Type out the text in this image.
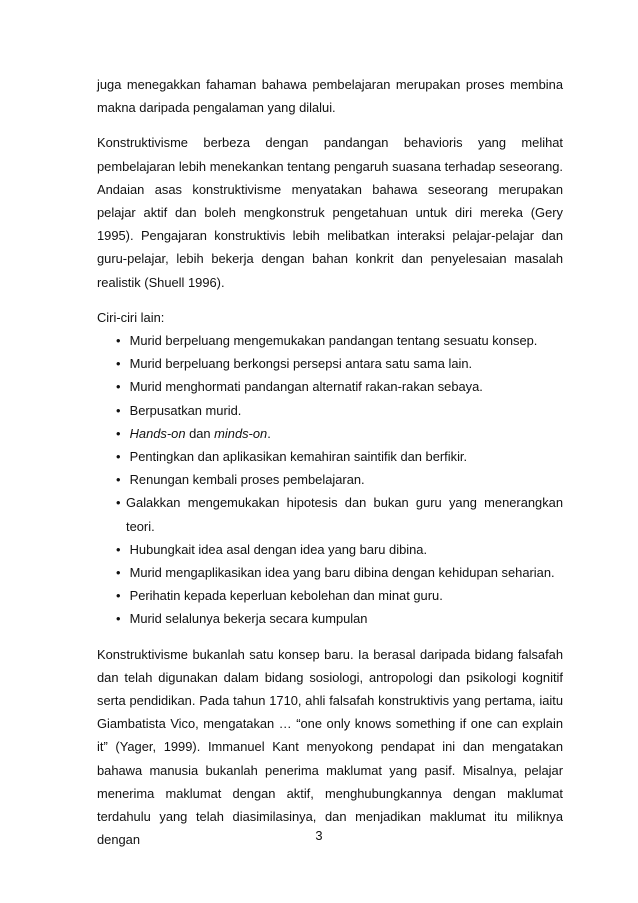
juga menegakkan fahaman bahawa pembelajaran merupakan proses membina makna daripada pengalaman yang dilalui.

Konstruktivisme berbeza dengan pandangan behavioris yang melihat pembelajaran lebih menekankan tentang pengaruh suasana terhadap seseorang. Andaian asas konstruktivisme menyatakan bahawa seseorang merupakan pelajar aktif dan boleh mengkonstruk pengetahuan untuk diri mereka (Gery 1995). Pengajaran konstruktivis lebih melibatkan interaksi pelajar-pelajar dan guru-pelajar, lebih bekerja dengan bahan konkrit dan penyelesaian masalah realistik (Shuell 1996).

Ciri-ciri lain:

• Murid berpeluang mengemukakan pandangan tentang sesuatu konsep.
• Murid berpeluang berkongsi persepsi antara satu sama lain.
• Murid menghormati pandangan alternatif rakan-rakan sebaya.
• Berpusatkan murid.
• Hands-on dan minds-on.
• Pentingkan dan aplikasikan kemahiran saintifik dan berfikir.
• Renungan kembali proses pembelajaran.
• Galakkan mengemukakan hipotesis dan bukan guru yang menerangkan teori.
• Hubungkait idea asal dengan idea yang baru dibina.
• Murid mengaplikasikan idea yang baru dibina dengan kehidupan seharian.
• Perihatin kepada keperluan kebolehan dan minat guru.
• Murid selalunya bekerja secara kumpulan

Konstruktivisme bukanlah satu konsep baru. Ia berasal daripada bidang falsafah dan telah digunakan dalam bidang sosiologi, antropologi dan psikologi kognitif serta pendidikan. Pada tahun 1710, ahli falsafah konstruktivis yang pertama, iaitu Giambatista Vico, mengatakan … “one only knows something if one can explain it” (Yager, 1999). Immanuel Kant menyokong pendapat ini dan mengatakan bahawa manusia bukanlah penerima maklumat yang pasif. Misalnya, pelajar menerima maklumat dengan aktif, menghubungkannya dengan maklumat terdahulu yang telah diasimilasinya, dan menjadikan maklumat itu miliknya dengan	3
